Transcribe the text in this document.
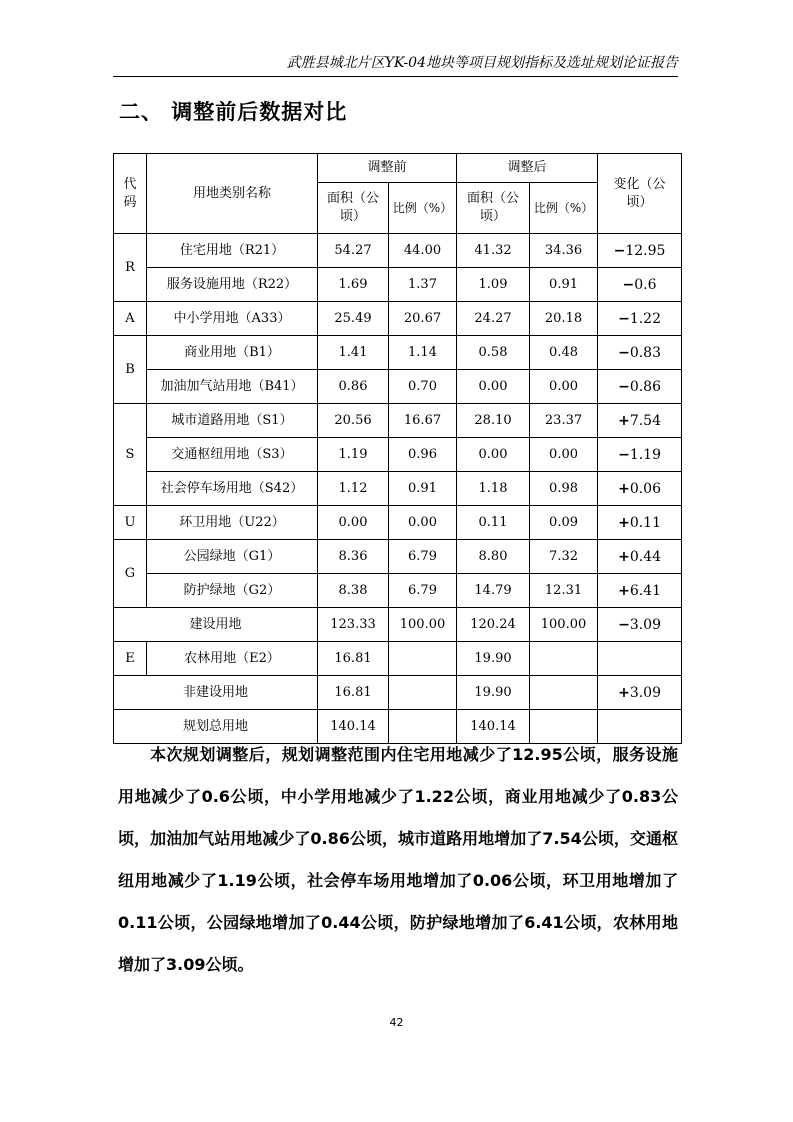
武胜县城北片区YK-04地块等项目规划指标及选址规划论证报告
二、 调整前后数据对比
代码	用地类别名称	调整前		调整后		变化（公顷）
		面积（公顷）	比例（%）	面积（公顷）	比例（%）	
R	住宅用地（R21）	54.27	44.00	41.32	34.36	−12.95
	服务设施用地（R22）	1.69	1.37	1.09	0.91	−0.6
A	中小学用地（A33）	25.49	20.67	24.27	20.18	−1.22
B	商业用地（B1）	1.41	1.14	0.58	0.48	−0.83
	加油加气站用地（B41）	0.86	0.70	0.00	0.00	−0.86
S	城市道路用地（S1）	20.56	16.67	28.10	23.37	+7.54
	交通枢纽用地（S3）	1.19	0.96	0.00	0.00	−1.19
	社会停车场用地（S42）	1.12	0.91	1.18	0.98	+0.06
U	环卫用地（U22）	0.00	0.00	0.11	0.09	+0.11
G	公园绿地（G1）	8.36	6.79	8.80	7.32	+0.44
	防护绿地（G2）	8.38	6.79	14.79	12.31	+6.41
建设用地		123.33	100.00	120.24	100.00	−3.09
E	农林用地（E2）	16.81		19.90		
非建设用地		16.81		19.90		+3.09
规划总用地		140.14		140.14		
本次规划调整后，规划调整范围内住宅用地减少了12.95公顷，服务设施用地减少了0.6公顷，中小学用地减少了1.22公顷，商业用地减少了0.83公顷，加油加气站用地减少了0.86公顷，城市道路用地增加了7.54公顷，交通枢纽用地减少了1.19公顷，社会停车场用地增加了0.06公顷，环卫用地增加了0.11公顷，公园绿地增加了0.44公顷，防护绿地增加了6.41公顷，农林用地增加了3.09公顷。
42
